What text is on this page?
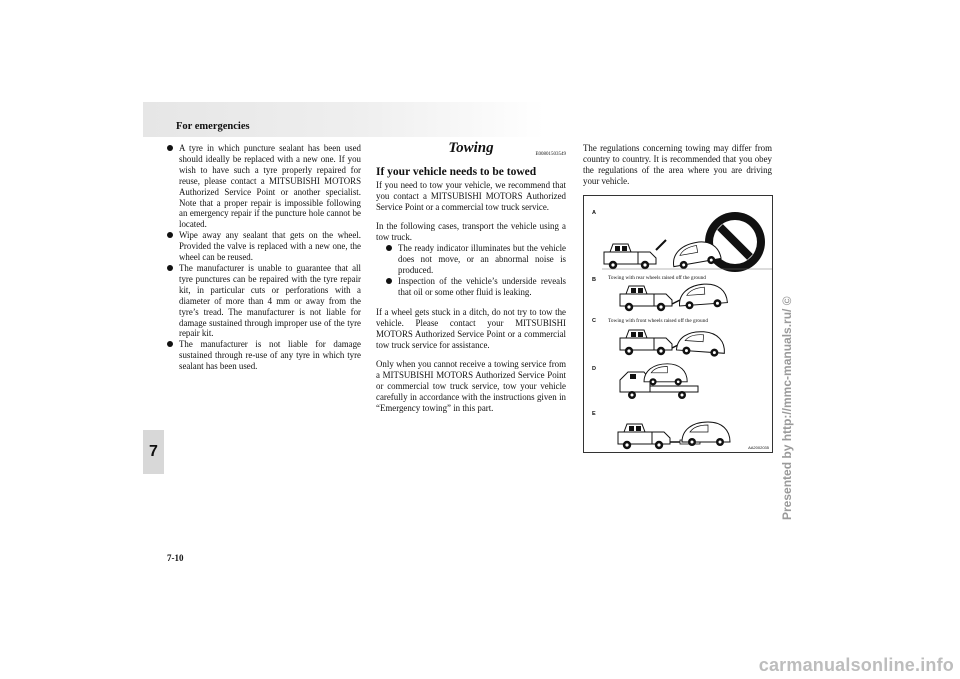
For emergencies
A tyre in which puncture sealant has been used should ideally be replaced with a new one. If you wish to have such a tyre properly repaired for reuse, please contact a MITSUBISHI MOTORS Authorized Service Point or another specialist. Note that a proper repair is impossible following an emergency repair if the puncture hole cannot be located.
Wipe away any sealant that gets on the wheel. Provided the valve is replaced with a new one, the wheel can be reused.
The manufacturer is unable to guarantee that all tyre punctures can be repaired with the tyre repair kit, in particular cuts or perforations with a diameter of more than 4 mm or away from the tyre’s tread. The manufacturer is not liable for damage sustained through improper use of the tyre repair kit.
The manufacturer is not liable for damage sustained through re-use of any tyre in which tyre sealant has been used.
Towing	E00801503549
If your vehicle needs to be towed

If you need to tow your vehicle, we recommend that you contact a MITSUBISHI MOTORS Authorized Service Point or a commercial tow truck service.

In the following cases, transport the vehicle using a tow truck.

The ready indicator illuminates but the vehicle does not move, or an abnormal noise is produced.
Inspection of the vehicle’s underside reveals that oil or some other fluid is leaking.

If a wheel gets stuck in a ditch, do not try to tow the vehicle. Please contact your MITSUBISHI MOTORS Authorized Service Point or a commercial tow truck service for assistance.

Only when you cannot receive a towing service from a MITSUBISHI MOTORS Authorized Service Point or commercial tow truck service, tow your vehicle carefully in accordance with the instructions given in “Emergency towing” in this part.

The regulations concerning towing may differ from country to country. It is recommended that you obey the regulations of the area where you are driving your vehicle.

A
B
C
D
E
Towing with rear wheels raised off the ground
Towing with front wheels raised off the ground
AA2002035
7
7-10
Presented by http://mmc-manuals.ru/ ©
carmanualsonline.info
